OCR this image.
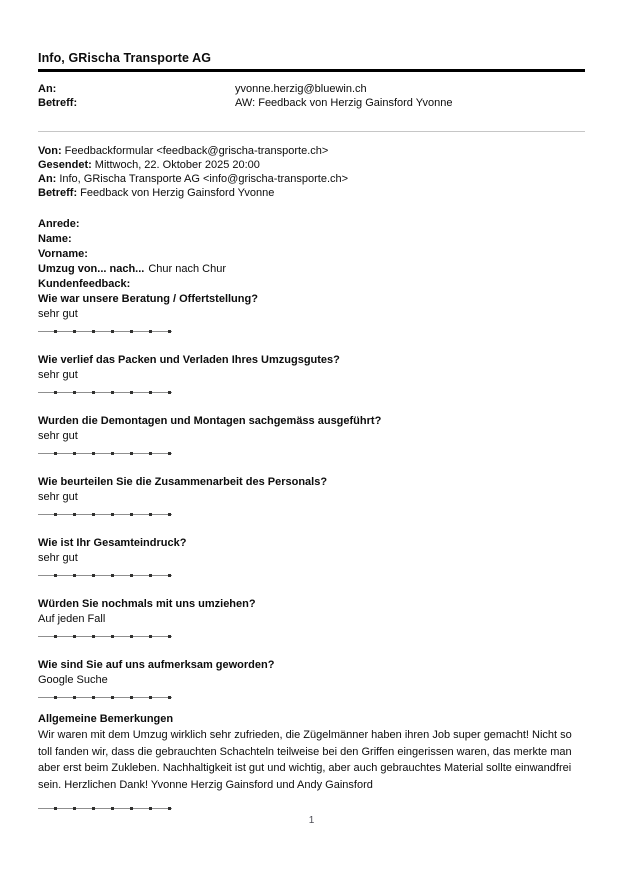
Info, GRischa Transporte AG
An:	yvonne.herzig@bluewin.ch
Betreff:	AW: Feedback von Herzig Gainsford Yvonne
Von: Feedbackformular <feedback@grischa-transporte.ch>
Gesendet: Mittwoch, 22. Oktober 2025 20:00
An: Info, GRischa Transporte AG <info@grischa-transporte.ch>
Betreff: Feedback von Herzig Gainsford Yvonne
Anrede:
Name:
Vorname:
Umzug von... nach... Chur nach Chur
Kundenfeedback:
Wie war unsere Beratung / Offertstellung?
sehr gut
Wie verlief das Packen und Verladen Ihres Umzugsgutes?
sehr gut
Wurden die Demontagen und Montagen sachgemäss ausgeführt?
sehr gut
Wie beurteilen Sie die Zusammenarbeit des Personals?
sehr gut
Wie ist Ihr Gesamteindruck?
sehr gut
Würden Sie nochmals mit uns umziehen?
Auf jeden Fall
Wie sind Sie auf uns aufmerksam geworden?
Google Suche
Allgemeine Bemerkungen
Wir waren mit dem Umzug wirklich sehr zufrieden, die Zügelmänner haben ihren Job super gemacht! Nicht so toll fanden wir, dass die gebrauchten Schachteln teilweise bei den Griffen eingerissen waren, das merkte man aber erst beim Zukleben. Nachhaltigkeit ist gut und wichtig, aber auch gebrauchtes Material sollte einwandfrei sein. Herzlichen Dank! Yvonne Herzig Gainsford und Andy Gainsford
1
